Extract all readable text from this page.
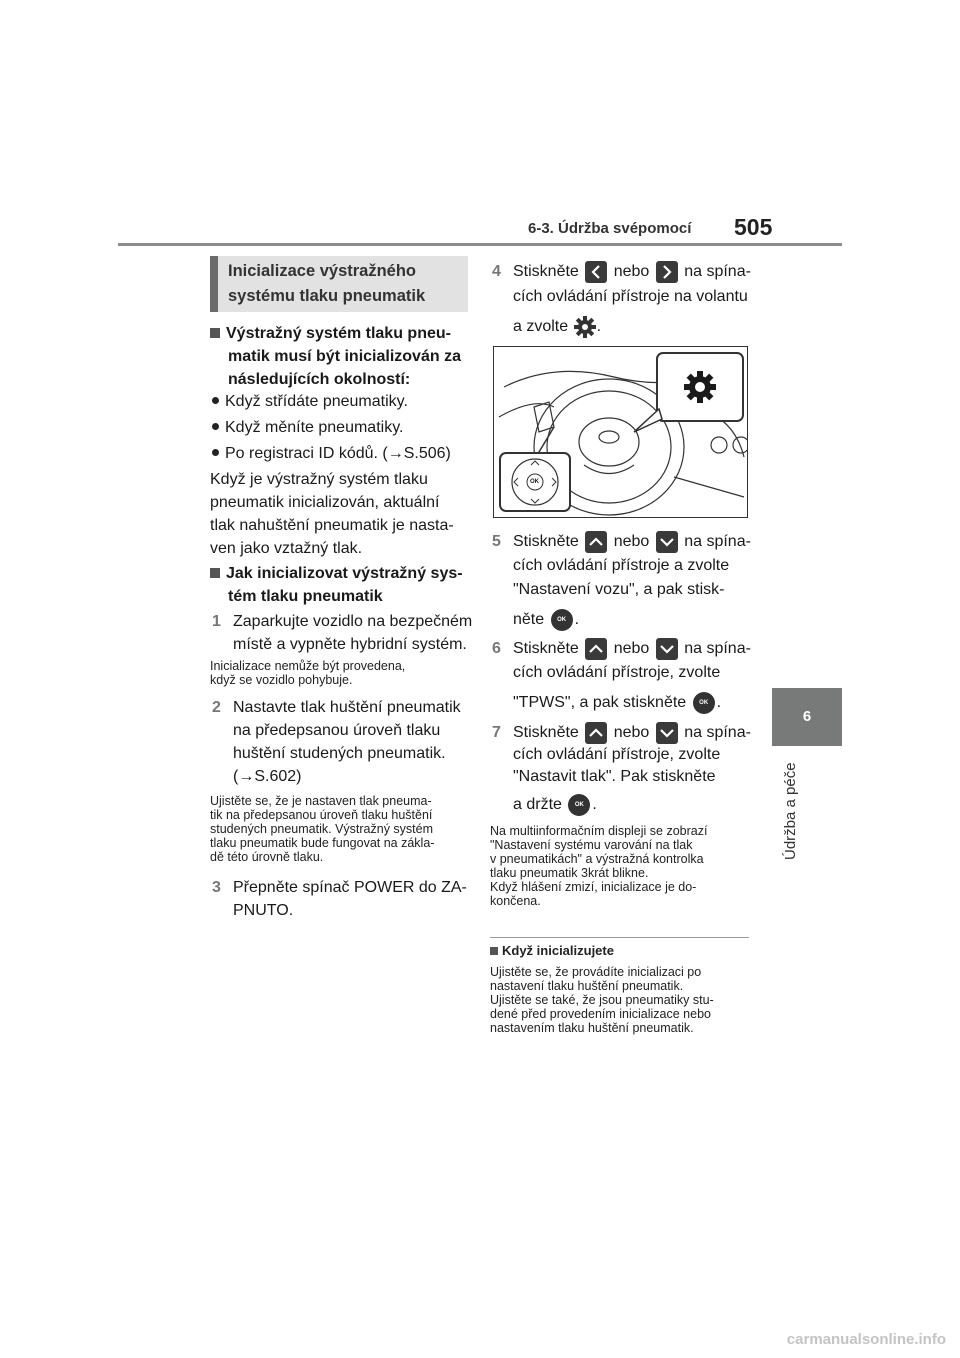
6-3. Údržba svépomocí 505
6
Údržba a péče
Inicializace výstražného
systému tlaku pneumatik
Výstražný systém tlaku pneu-
matik musí být inicializován za
následujících okolností:
Když střídáte pneumatiky.
Když měníte pneumatiky.
Po registraci ID kódů. (→S.506)
Když je výstražný systém tlaku
pneumatik inicializován, aktuální
tlak nahuštění pneumatik je nasta-
ven jako vztažný tlak.
Jak inicializovat výstražný sys-
tém tlaku pneumatik
1 Zaparkujte vozidlo na bezpečném
místě a vypněte hybridní systém.
Inicializace nemůže být provedena,
když se vozidlo pohybuje.
2 Nastavte tlak huštění pneumatik
na předepsanou úroveň tlaku
huštění studených pneumatik.
(→S.602)
Ujistěte se, že je nastaven tlak pneuma-
tik na předepsanou úroveň tlaku huštění
studených pneumatik. Výstražný systém
tlaku pneumatik bude fungovat na zákla-
dě této úrovně tlaku.
3 Přepněte spínač POWER do ZA-
PNUTO.
4 Stiskněte nebo na spína-
cích ovládání přístroje na volantu
a zvolte .
OK
5 Stiskněte nebo na spína-
cích ovládání přístroje a zvolte
"Nastavení vozu", a pak stisk-
něte OK .
6 Stiskněte nebo na spína-
cích ovládání přístroje, zvolte
"TPWS", a pak stiskněte OK .
7 Stiskněte nebo na spína-
cích ovládání přístroje, zvolte
"Nastavit tlak". Pak stiskněte
a držte OK .
Na multiinformačním displeji se zobrazí
"Nastavení systému varování na tlak
v pneumatikách" a výstražná kontrolka
tlaku pneumatik 3krát blikne.
Když hlášení zmizí, inicializace je do-
končena.
Když inicializujete
Ujistěte se, že provádíte inicializaci po
nastavení tlaku huštění pneumatik.
Ujistěte se také, že jsou pneumatiky stu-
dené před provedením inicializace nebo
nastavením tlaku huštění pneumatik.
carmanualsonline.info
